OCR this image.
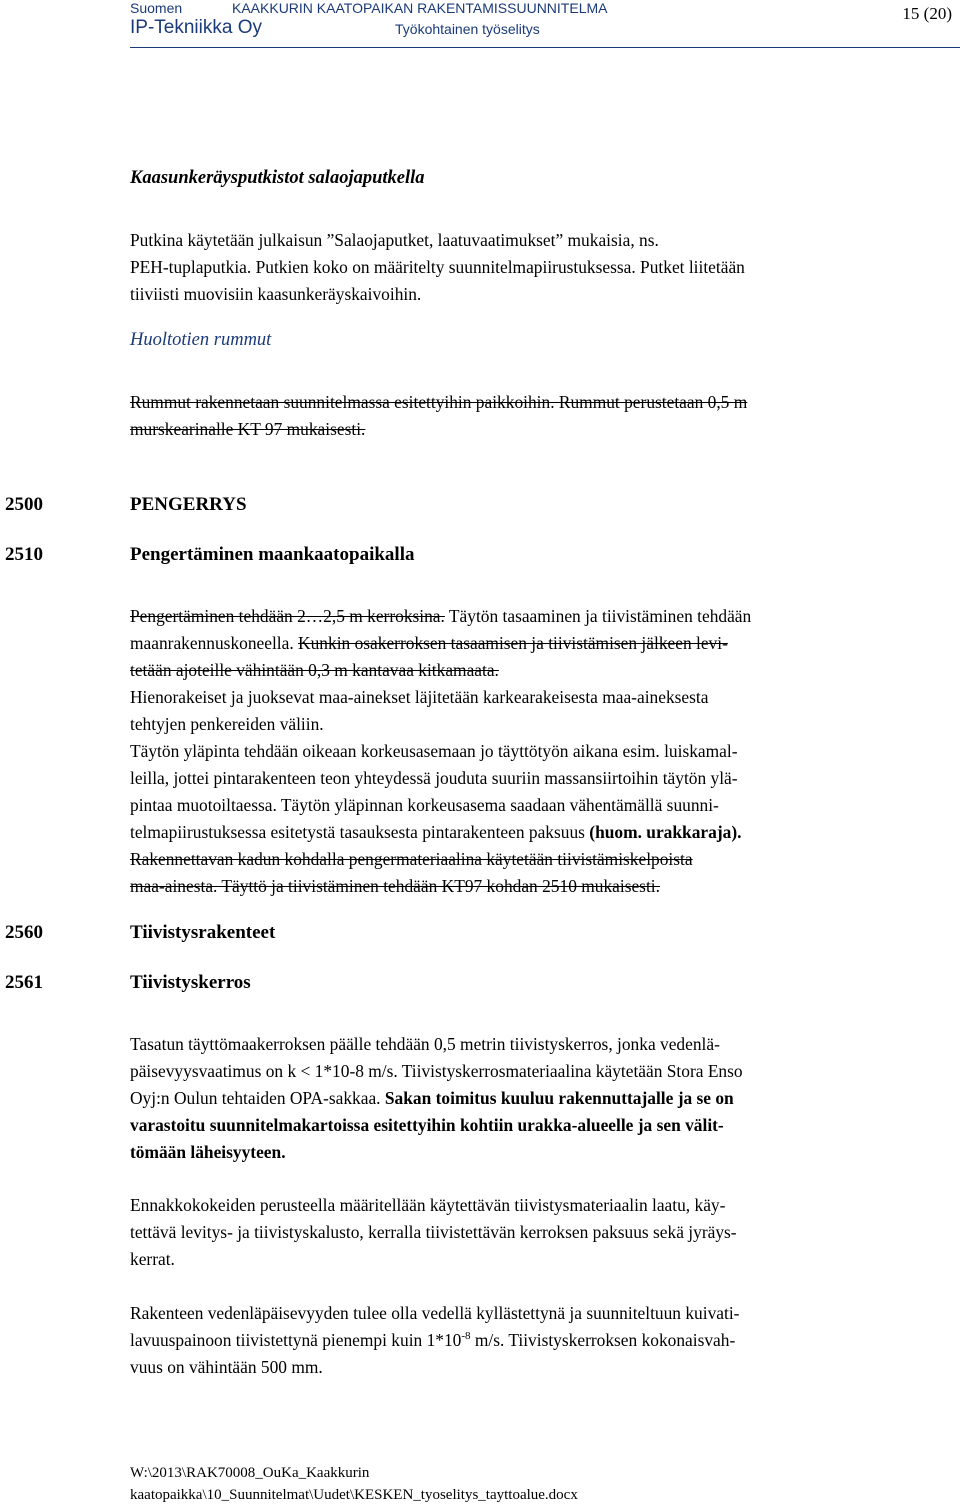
Suomen	KAAKKURIN KAATOPAIKAN RAKENTAMISSUUNNITELMA	15 (20)
IP-Tekniikka Oy	Työkohtainen työselitys
Kaasunkeräysputkistot salaojaputkella
Putkina käytetään julkaisun ”Salaojaputket, laatuvaatimukset” mukaisia, ns.
PEH-tuplaputkia. Putkien koko on määritelty suunnitelmapiirustuksessa. Putket liitetään
tiiviisti muovisiin kaasunkeräyskaivoihin.
Huoltotien rummut
Rummut rakennetaan suunnitelmassa esitettyihin paikkoihin. Rummut perustetaan 0,5 m
murskearinalle KT 97 mukaisesti.
2500	PENGERRYS
2510	Pengertäminen maankaatopaikalla
Pengertäminen tehdään 2…2,5 m kerroksina. Täytön tasaaminen ja tiivistäminen tehdään
maanrakennuskoneella. Kunkin osakerroksen tasaamisen ja tiivistämisen jälkeen levi-
tetään ajoteille vähintään 0,3 m kantavaa kitkamaata.
Hienorakeiset ja juoksevat maa-ainekset läjitetään karkearakeisesta maa-aineksesta
tehtyjen penkereiden väliin.
Täytön yläpinta tehdään oikeaan korkeusasemaan jo täyttötyön aikana esim. luiskamal-
leilla, jottei pintarakenteen teon yhteydessä jouduta suuriin massansiirtoihin täytön ylä-
pintaa muotoiltaessa. Täytön yläpinnan korkeusasema saadaan vähentämällä suunni-
telmapiirustuksessa esitetystä tasauksesta pintarakenteen paksuus (huom. urakkaraja).
Rakennettavan kadun kohdalla pengermateriaalina käytetään tiivistämiskelpoista
maa-ainesta. Täyttö ja tiivistäminen tehdään KT97 kohdan 2510 mukaisesti.
2560	Tiivistysrakenteet
2561	Tiivistyskerros
Tasatun täyttömaakerroksen päälle tehdään 0,5 metrin tiivistyskerros, jonka vedenlä-
päisevyysvaatimus on k < 1*10-8 m/s. Tiivistyskerrosmateriaalina käytetään Stora Enso
Oyj:n Oulun tehtaiden OPA-sakkaa. Sakan toimitus kuuluu rakennuttajalle ja se on
varastoitu suunnitelmakartoissa esitettyihin kohtiin urakka-alueelle ja sen välit-
tömään läheisyyteen.
Ennakkokokeiden perusteella määritellään käytettävän tiivistysmateriaalin laatu, käy-
tettävä levitys- ja tiivistyskalusto, kerralla tiivistettävän kerroksen paksuus sekä jyräys-
kerrat.
Rakenteen vedenläpäisevyyden tulee olla vedellä kyllästettynä ja suunniteltuun kuivati-
lavuuspainoon tiivistettynä pienempi kuin $1*10^{-8}$ m/s. Tiivistyskerroksen kokonaisvah-
vuus on vähintään 500 mm.
W:\2013\RAK70008_OuKa_Kaakkurin
kaatopaikka\10_Suunnitelmat\Uudet\KESKEN_tyoselitys_tayttoalue.docx
